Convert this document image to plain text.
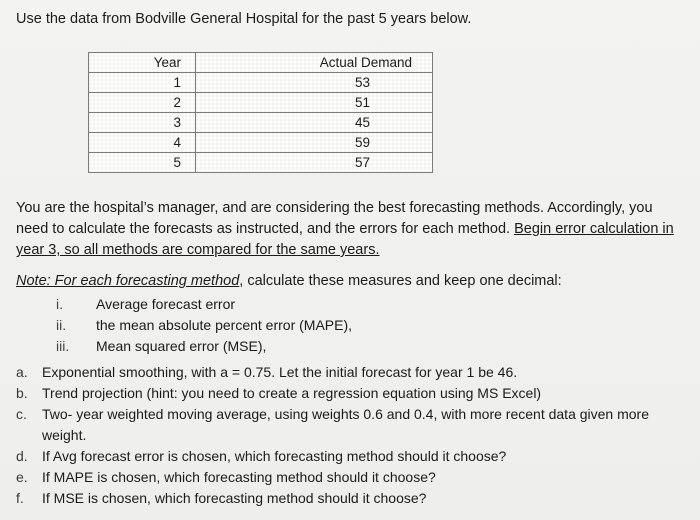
Use the data from Bodville General Hospital for the past 5 years below.
Year	Actual Demand
1	53
2	51
3	45
4	59
5	57
You are the hospital’s manager, and are considering the best forecasting methods. Accordingly, you need to calculate the forecasts as instructed, and the errors for each method. Begin error calculation in year 3, so all methods are compared for the same years.
Note: For each forecasting method, calculate these measures and keep one decimal:
i.	Average forecast error
ii.	the mean absolute percent error (MAPE),
iii.	Mean squared error (MSE),
a.	Exponential smoothing, with a = 0.75. Let the initial forecast for year 1 be 46.
b.	Trend projection (hint: you need to create a regression equation using MS Excel)
c.	Two- year weighted moving average, using weights 0.6 and 0.4, with more recent data given more weight.
d.	If Avg forecast error is chosen, which forecasting method should it choose?
e.	If MAPE is chosen, which forecasting method should it choose?
f.	If MSE is chosen, which forecasting method should it choose?
